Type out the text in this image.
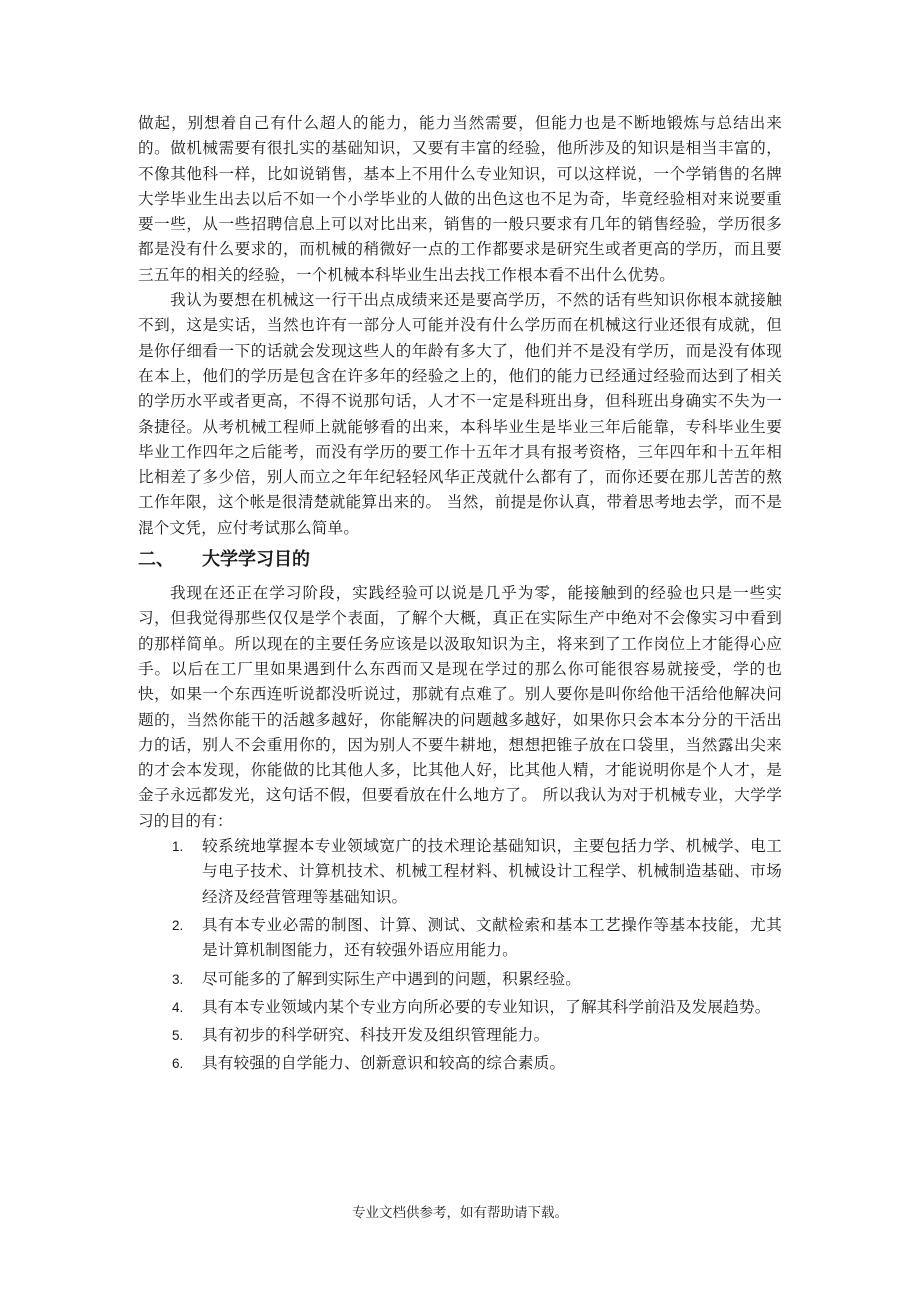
做起，别想着自己有什么超人的能力，能力当然需要，但能力也是不断地锻炼与总结出来的。做机械需要有很扎实的基础知识，又要有丰富的经验，他所涉及的知识是相当丰富的，不像其他科一样，比如说销售，基本上不用什么专业知识，可以这样说，一个学销售的名牌大学毕业生出去以后不如一个小学毕业的人做的出色这也不足为奇，毕竟经验相对来说要重要一些，从一些招聘信息上可以对比出来，销售的一般只要求有几年的销售经验，学历很多都是没有什么要求的，而机械的稍微好一点的工作都要求是研究生或者更高的学历，而且要三五年的相关的经验，一个机械本科毕业生出去找工作根本看不出什么优势。

我认为要想在机械这一行干出点成绩来还是要高学历，不然的话有些知识你根本就接触不到，这是实话，当然也许有一部分人可能并没有什么学历而在机械这行业还很有成就，但是你仔细看一下的话就会发现这些人的年龄有多大了，他们并不是没有学历，而是没有体现在本上，他们的学历是包含在许多年的经验之上的，他们的能力已经通过经验而达到了相关的学历水平或者更高，不得不说那句话，人才不一定是科班出身，但科班出身确实不失为一条捷径。从考机械工程师上就能够看的出来，本科毕业生是毕业三年后能靠，专科毕业生要毕业工作四年之后能考，而没有学历的要工作十五年才具有报考资格，三年四年和十五年相比相差了多少倍，别人而立之年年纪轻轻风华正茂就什么都有了，而你还要在那儿苦苦的熬工作年限，这个帐是很清楚就能算出来的。 当然，前提是你认真，带着思考地去学，而不是混个文凭，应付考试那么简单。

二、	大学学习目的

我现在还正在学习阶段，实践经验可以说是几乎为零，能接触到的经验也只是一些实习，但我觉得那些仅仅是学个表面，了解个大概，真正在实际生产中绝对不会像实习中看到的那样简单。所以现在的主要任务应该是以汲取知识为主，将来到了工作岗位上才能得心应手。以后在工厂里如果遇到什么东西而又是现在学过的那么你可能很容易就接受，学的也快，如果一个东西连听说都没听说过，那就有点难了。别人要你是叫你给他干活给他解决问题的，当然你能干的活越多越好，你能解决的问题越多越好，如果你只会本本分分的干活出力的话，别人不会重用你的，因为别人不要牛耕地，想想把锥子放在口袋里，当然露出尖来的才会本发现，你能做的比其他人多，比其他人好，比其他人精，才能说明你是个人才，是金子永远都发光，这句话不假，但要看放在什么地方了。 所以我认为对于机械专业，大学学习的目的有：

1.	较系统地掌握本专业领域宽广的技术理论基础知识，主要包括力学、机械学、电工与电子技术、计算机技术、机械工程材料、机械设计工程学、机械制造基础、市场经济及经营管理等基础知识。
2.	具有本专业必需的制图、计算、测试、文献检索和基本工艺操作等基本技能，尤其是计算机制图能力，还有较强外语应用能力。
3.	尽可能多的了解到实际生产中遇到的问题，积累经验。
4.	具有本专业领域内某个专业方向所必要的专业知识，了解其科学前沿及发展趋势。
5.	具有初步的科学研究、科技开发及组织管理能力。
6.	具有较强的自学能力、创新意识和较高的综合素质。
专业文档供参考，如有帮助请下载。
